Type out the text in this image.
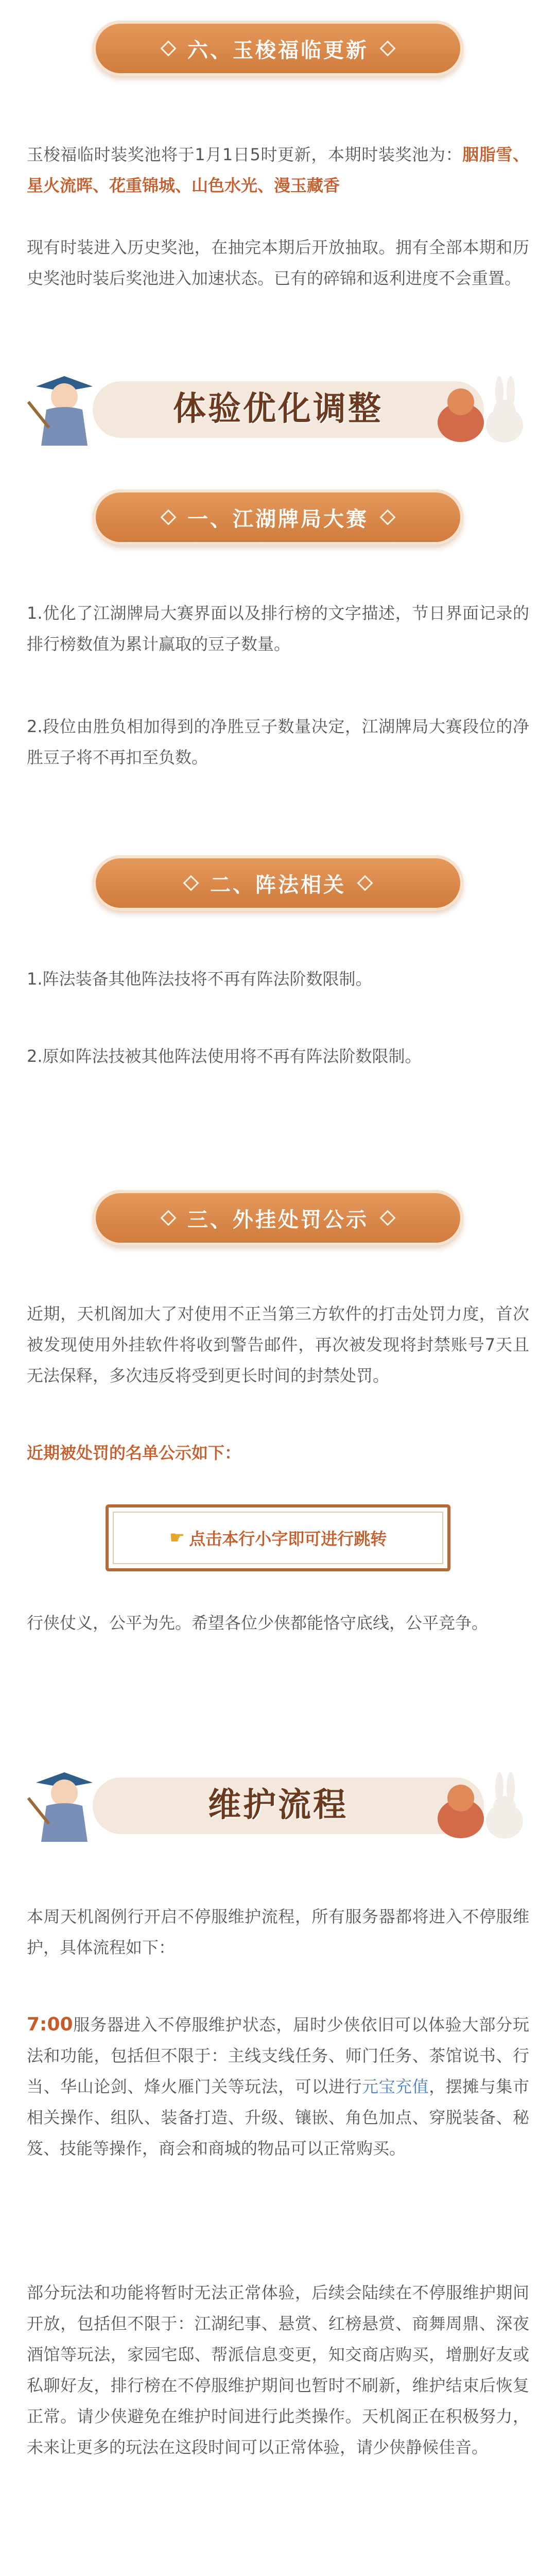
六、玉梭福临更新

玉梭福临时装奖池将于1月1日5时更新，本期时装奖池为：胭脂雪、星火流晖、花重锦城、山色水光、漫玉藏香

现有时装进入历史奖池，在抽完本期后开放抽取。拥有全部本期和历史奖池时装后奖池进入加速状态。已有的碎锦和返利进度不会重置。

体验优化调整
一、江湖牌局大赛

1.优化了江湖牌局大赛界面以及排行榜的文字描述，节日界面记录的排行榜数值为累计赢取的豆子数量。

2.段位由胜负相加得到的净胜豆子数量决定，江湖牌局大赛段位的净胜豆子将不再扣至负数。

二、阵法相关

1.阵法装备其他阵法技将不再有阵法阶数限制。

2.原如阵法技被其他阵法使用将不再有阵法阶数限制。

三、外挂处罚公示

近期，天机阁加大了对使用不正当第三方软件的打击处罚力度，首次被发现使用外挂软件将收到警告邮件，再次被发现将封禁账号7天且无法保释，多次违反将受到更长时间的封禁处罚。

近期被处罚的名单公示如下：

☛ 点击本行小字即可进行跳转

行侠仗义，公平为先。希望各位少侠都能恪守底线，公平竞争。

维护流程

本周天机阁例行开启不停服维护流程，所有服务器都将进入不停服维护，具体流程如下：

7:00服务器进入不停服维护状态，届时少侠依旧可以体验大部分玩法和功能，包括但不限于：主线支线任务、师门任务、茶馆说书、行当、华山论剑、烽火雁门关等玩法，可以进行元宝充值，摆摊与集市相关操作、组队、装备打造、升级、镶嵌、角色加点、穿脱装备、秘笈、技能等操作，商会和商城的物品可以正常购买。

部分玩法和功能将暂时无法正常体验，后续会陆续在不停服维护期间开放，包括但不限于：江湖纪事、悬赏、红榜悬赏、商舞周鼎、深夜酒馆等玩法，家园宅邸、帮派信息变更，知交商店购买，增删好友或私聊好友，排行榜在不停服维护期间也暂时不刷新，维护结束后恢复正常。请少侠避免在维护时间进行此类操作。天机阁正在积极努力，未来让更多的玩法在这段时间可以正常体验，请少侠静候佳音。
